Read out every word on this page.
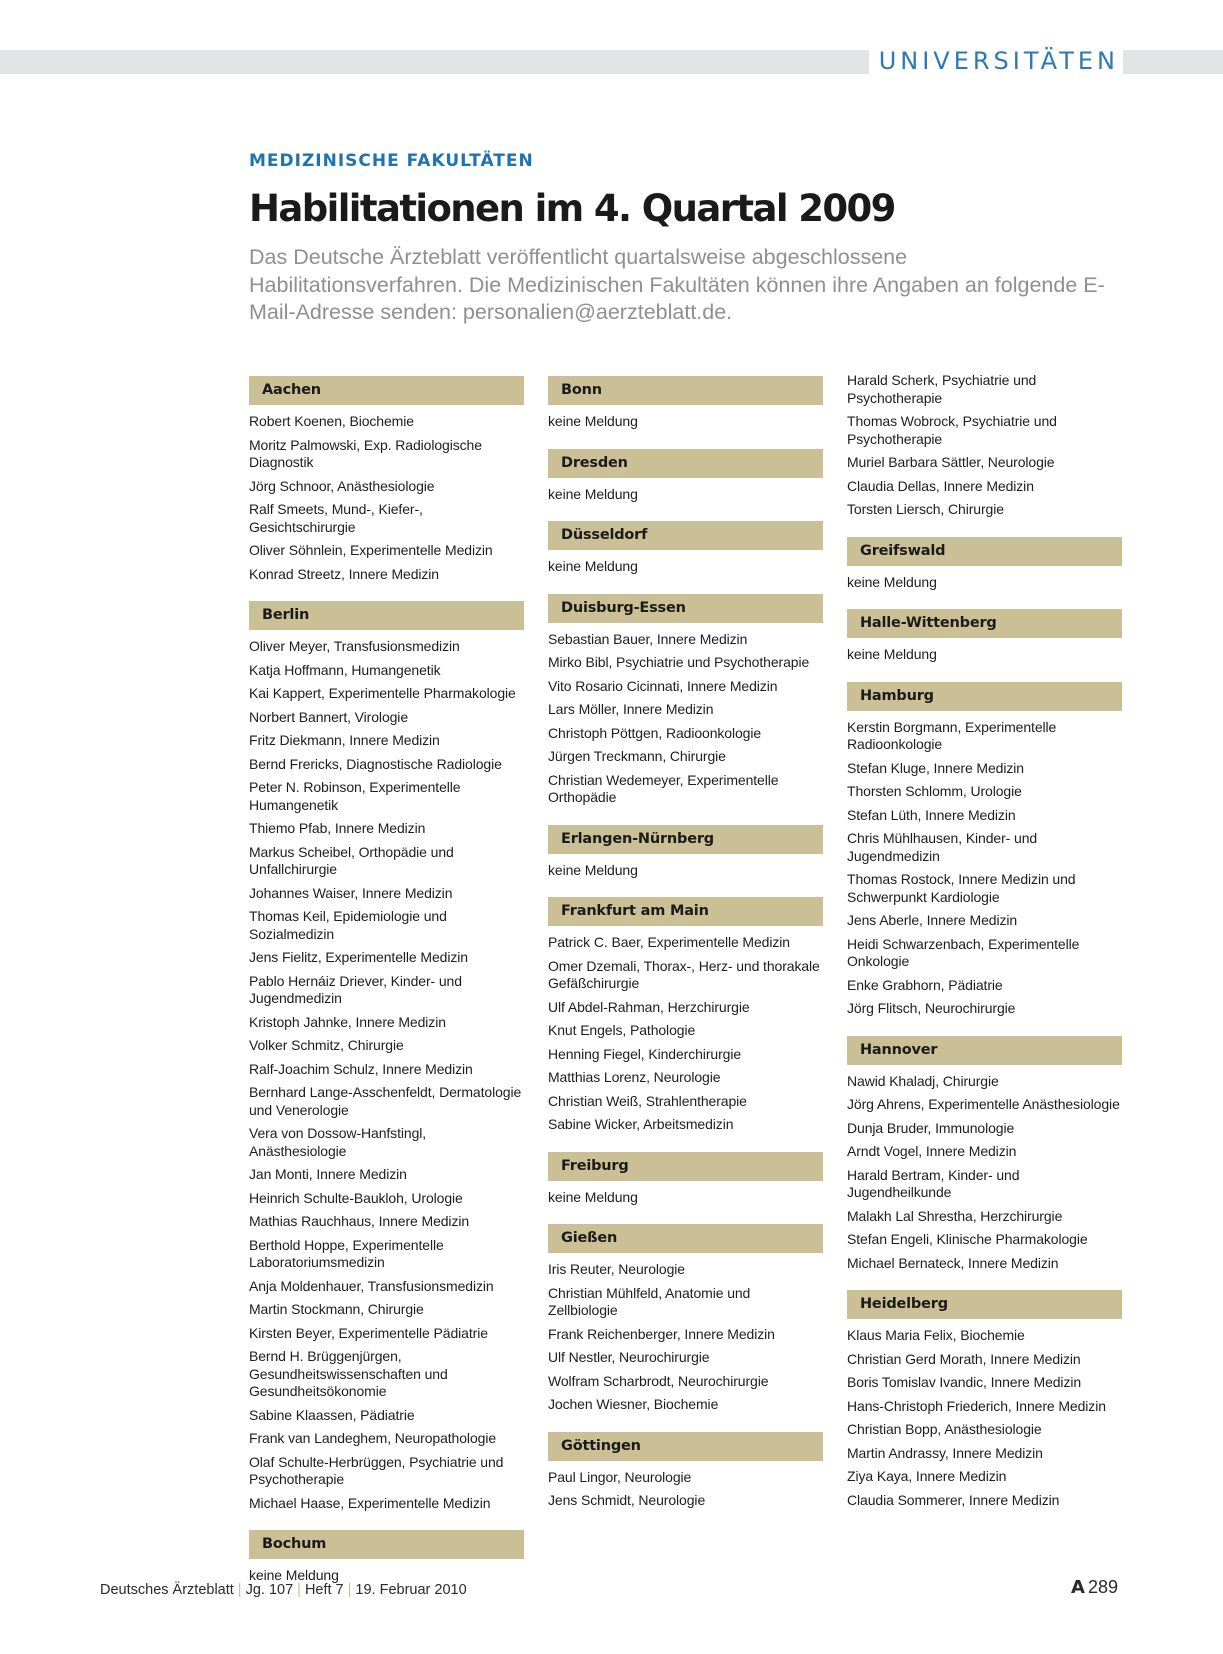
UNIVERSITÄTEN
MEDIZINISCHE FAKULTÄTEN
Habilitationen im 4. Quartal 2009
Das Deutsche Ärzteblatt veröffentlicht quartalsweise abgeschlossene Habilitationsverfahren. Die Medizinischen Fakultäten können ihre Angaben an folgende E-Mail-Adresse senden: personalien@aerzteblatt.de.
Aachen
Robert Koenen, Biochemie
Moritz Palmowski, Exp. Radiologische Diagnostik
Jörg Schnoor, Anästhesiologie
Ralf Smeets, Mund-, Kiefer-, Gesichtschirurgie
Oliver Söhnlein, Experimentelle Medizin
Konrad Streetz, Innere Medizin
Berlin
Oliver Meyer, Transfusionsmedizin
Katja Hoffmann, Humangenetik
Kai Kappert, Experimentelle Pharmakologie
Norbert Bannert, Virologie
Fritz Diekmann, Innere Medizin
Bernd Frericks, Diagnostische Radiologie
Peter N. Robinson, Experimentelle Humangenetik
Thiemo Pfab, Innere Medizin
Markus Scheibel, Orthopädie und Unfallchirurgie
Johannes Waiser, Innere Medizin
Thomas Keil, Epidemiologie und Sozialmedizin
Jens Fielitz, Experimentelle Medizin
Pablo Hernáiz Driever, Kinder- und Jugendmedizin
Kristoph Jahnke, Innere Medizin
Volker Schmitz, Chirurgie
Ralf-Joachim Schulz, Innere Medizin
Bernhard Lange-Asschenfeldt, Dermatologie und Venerologie
Vera von Dossow-Hanfstingl, Anästhesiologie
Jan Monti, Innere Medizin
Heinrich Schulte-Baukloh, Urologie
Mathias Rauchhaus, Innere Medizin
Berthold Hoppe, Experimentelle Laboratoriumsmedizin
Anja Moldenhauer, Transfusionsmedizin
Martin Stockmann, Chirurgie
Kirsten Beyer, Experimentelle Pädiatrie
Bernd H. Brüggenjürgen, Gesundheitswissenschaften und Gesundheitsökonomie
Sabine Klaassen, Pädiatrie
Frank van Landeghem, Neuropathologie
Olaf Schulte-Herbrüggen, Psychiatrie und Psychotherapie
Michael Haase, Experimentelle Medizin
Bochum
keine Meldung
Bonn
keine Meldung
Dresden
keine Meldung
Düsseldorf
keine Meldung
Duisburg-Essen
Sebastian Bauer, Innere Medizin
Mirko Bibl, Psychiatrie und Psychotherapie
Vito Rosario Cicinnati, Innere Medizin
Lars Möller, Innere Medizin
Christoph Pöttgen, Radioonkologie
Jürgen Treckmann, Chirurgie
Christian Wedemeyer, Experimentelle Orthopädie
Erlangen-Nürnberg
keine Meldung
Frankfurt am Main
Patrick C. Baer, Experimentelle Medizin
Omer Dzemali, Thorax-, Herz- und thorakale Gefäßchirurgie
Ulf Abdel-Rahman, Herzchirurgie
Knut Engels, Pathologie
Henning Fiegel, Kinderchirurgie
Matthias Lorenz, Neurologie
Christian Weiß, Strahlentherapie
Sabine Wicker, Arbeitsmedizin
Freiburg
keine Meldung
Gießen
Iris Reuter, Neurologie
Christian Mühlfeld, Anatomie und Zellbiologie
Frank Reichenberger, Innere Medizin
Ulf Nestler, Neurochirurgie
Wolfram Scharbrodt, Neurochirurgie
Jochen Wiesner, Biochemie
Göttingen
Paul Lingor, Neurologie
Jens Schmidt, Neurologie
Harald Scherk, Psychiatrie und Psychotherapie
Thomas Wobrock, Psychiatrie und Psychotherapie
Muriel Barbara Sättler, Neurologie
Claudia Dellas, Innere Medizin
Torsten Liersch, Chirurgie
Greifswald
keine Meldung
Halle-Wittenberg
keine Meldung
Hamburg
Kerstin Borgmann, Experimentelle Radioonkologie
Stefan Kluge, Innere Medizin
Thorsten Schlomm, Urologie
Stefan Lüth, Innere Medizin
Chris Mühlhausen, Kinder- und Jugendmedizin
Thomas Rostock, Innere Medizin und Schwerpunkt Kardiologie
Jens Aberle, Innere Medizin
Heidi Schwarzenbach, Experimentelle Onkologie
Enke Grabhorn, Pädiatrie
Jörg Flitsch, Neurochirurgie
Hannover
Nawid Khaladj, Chirurgie
Jörg Ahrens, Experimentelle Anästhesiologie
Dunja Bruder, Immunologie
Arndt Vogel, Innere Medizin
Harald Bertram, Kinder- und Jugendheilkunde
Malakh Lal Shrestha, Herzchirurgie
Stefan Engeli, Klinische Pharmakologie
Michael Bernateck, Innere Medizin
Heidelberg
Klaus Maria Felix, Biochemie
Christian Gerd Morath, Innere Medizin
Boris Tomislav Ivandic, Innere Medizin
Hans-Christoph Friederich, Innere Medizin
Christian Bopp, Anästhesiologie
Martin Andrassy, Innere Medizin
Ziya Kaya, Innere Medizin
Claudia Sommerer, Innere Medizin
Deutsches Ärzteblatt | Jg. 107 | Heft 7 | 19. Februar 2010	A 289
